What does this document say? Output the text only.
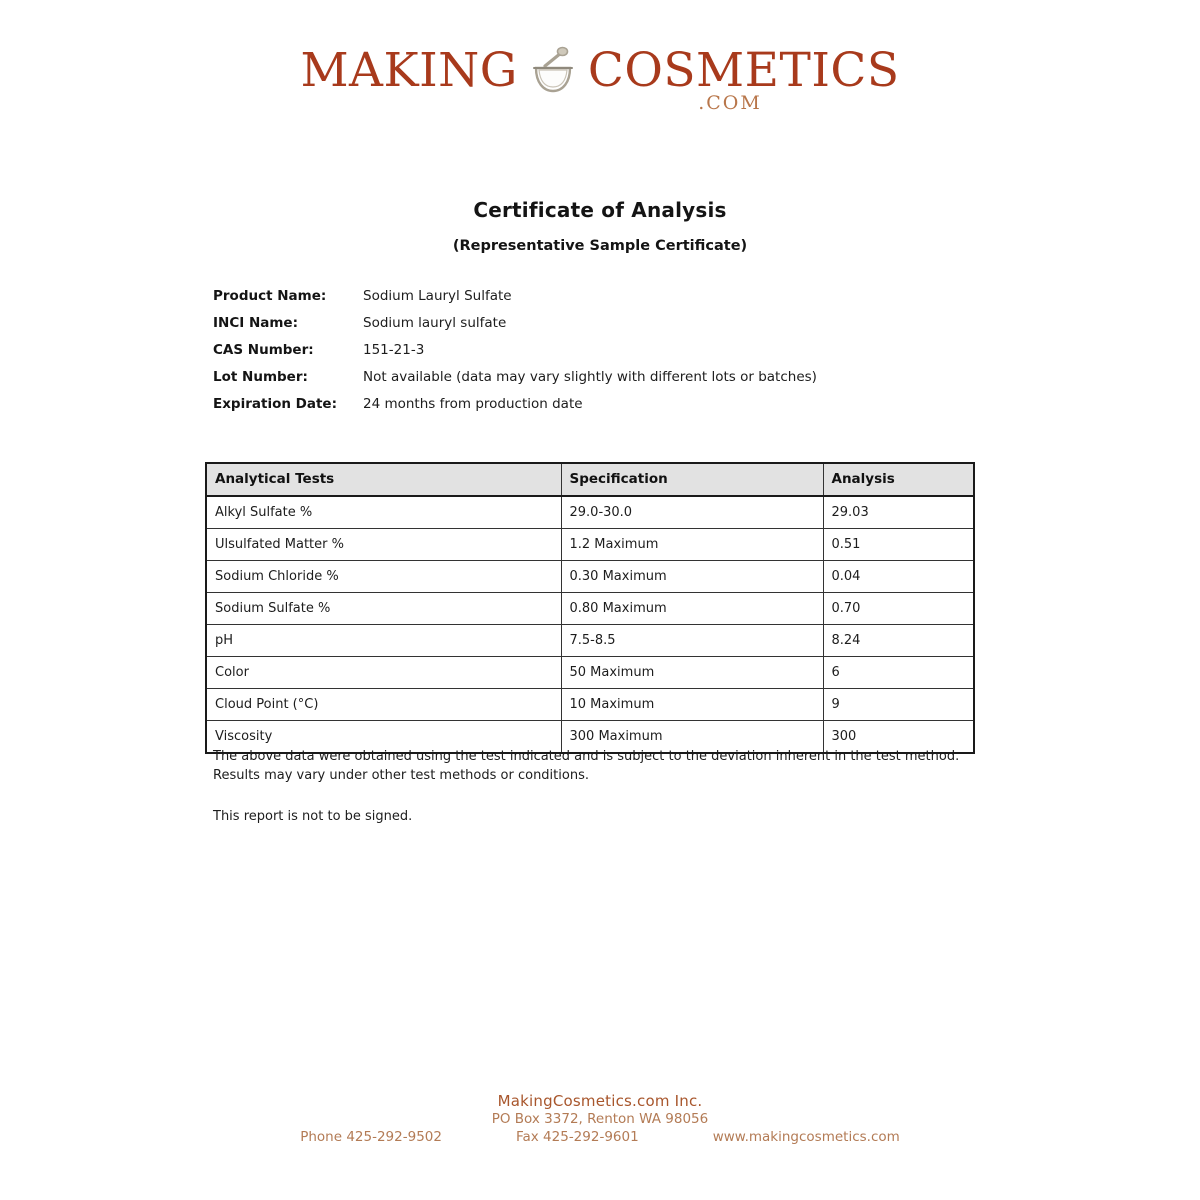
MAKING COSMETICS
.COM
Certificate of Analysis
(Representative Sample Certificate)
Product Name:	Sodium Lauryl Sulfate
INCI Name:	Sodium lauryl sulfate
CAS Number:	151-21-3
Lot Number:	Not available (data may vary slightly with different lots or batches)
Expiration Date:	24 months from production date
Analytical Tests	Specification	Analysis
Alkyl Sulfate %	29.0-30.0	29.03
Ulsulfated Matter %	1.2 Maximum	0.51
Sodium Chloride %	0.30 Maximum	0.04
Sodium Sulfate %	0.80 Maximum	0.70
pH	7.5-8.5	8.24
Color	50 Maximum	6
Cloud Point (°C)	10 Maximum	9
Viscosity	300 Maximum	300

The above data were obtained using the test indicated and is subject to the deviation inherent in the test method. Results may vary under other test methods or conditions.

This report is not to be signed.

MakingCosmetics.com Inc.
PO Box 3372, Renton WA 98056
Phone 425-292-9502	Fax 425-292-9601	www.makingcosmetics.com
